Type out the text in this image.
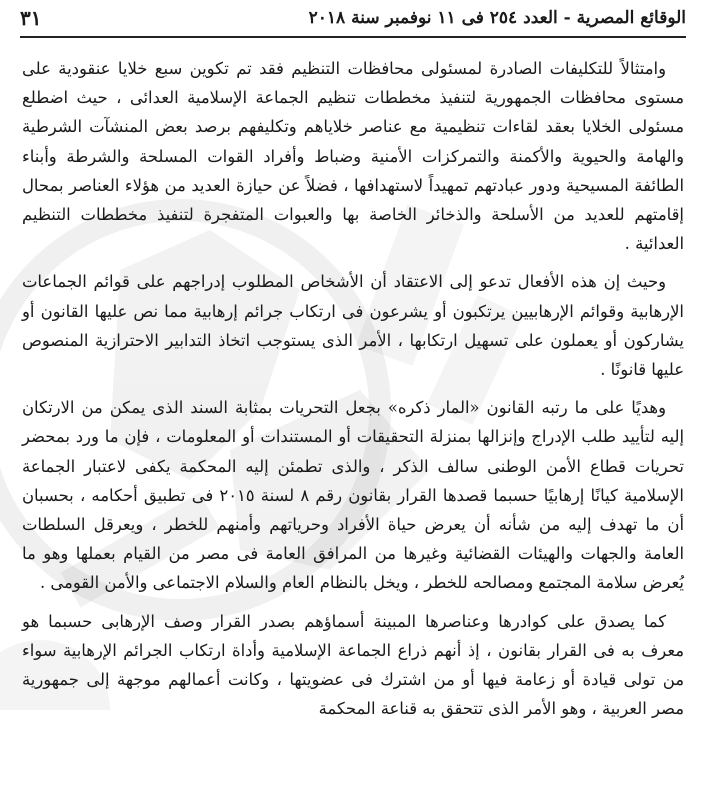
الوقائع المصرية - العدد ٢٥٤ فى ١١ نوفمبر سنة ٢٠١٨
٣١

وامتثالاً للتكليفات الصادرة لمسئولى محافظات التنظيم فقد تم تكوين سبع خلايا عنقودية على مستوى محافظات الجمهورية لتنفيذ مخططات تنظيم الجماعة الإسلامية العدائى ، حيث اضطلع مسئولى الخلايا بعقد لقاءات تنظيمية مع عناصر خلاياهم وتكليفهم برصد بعض المنشآت الشرطية والهامة والحيوية والأكمنة والتمركزات الأمنية وضباط وأفراد القوات المسلحة والشرطة وأبناء الطائفة المسيحية ودور عبادتهم تمهيداً لاستهدافها ، فضلاً عن حيازة العديد من هؤلاء العناصر بمحال إقامتهم للعديد من الأسلحة والذخائر الخاصة بها والعبوات المتفجرة لتنفيذ مخططات التنظيم العدائية .

وحيث إن هذه الأفعال تدعو إلى الاعتقاد أن الأشخاص المطلوب إدراجهم على قوائم الجماعات الإرهابية وقوائم الإرهابيين يرتكبون أو يشرعون فى ارتكاب جرائم إرهابية مما نص عليها القانون أو يشاركون أو يعملون على تسهيل ارتكابها ، الأمر الذى يستوجب اتخاذ التدابير الاحترازية المنصوص عليها قانونًا .

وهديًا على ما رتبه القانون «المار ذكره» بجعل التحريات بمثابة السند الذى يمكن من الارتكان إليه لتأييد طلب الإدراج وإنزالها بمنزلة التحقيقات أو المستندات أو المعلومات ، فإن ما ورد بمحضر تحريات قطاع الأمن الوطنى سالف الذكر ، والذى تطمئن إليه المحكمة يكفى لاعتبار الجماعة الإسلامية كيانًا إرهابيًا حسبما قصدها القرار بقانون رقم ٨ لسنة ٢٠١٥ فى تطبيق أحكامه ، بحسبان أن ما تهدف إليه من شأنه أن يعرض حياة الأفراد وحرياتهم وأمنهم للخطر ، ويعرقل السلطات العامة والجهات والهيئات القضائية وغيرها من المرافق العامة فى مصر من القيام بعملها وهو ما يُعرض سلامة المجتمع ومصالحه للخطر ، ويخل بالنظام العام والسلام الاجتماعى والأمن القومى .

كما يصدق على كوادرها وعناصرها المبينة أسماؤهم بصدر القرار وصف الإرهابى حسبما هو معرف به فى القرار بقانون ، إذ أنهم ذراع الجماعة الإسلامية وأداة ارتكاب الجرائم الإرهابية سواء من تولى قيادة أو زعامة فيها أو من اشترك فى عضويتها ، وكانت أعمالهم موجهة إلى جمهورية مصر العربية ، وهو الأمر الذى تتحقق به قناعة المحكمة
